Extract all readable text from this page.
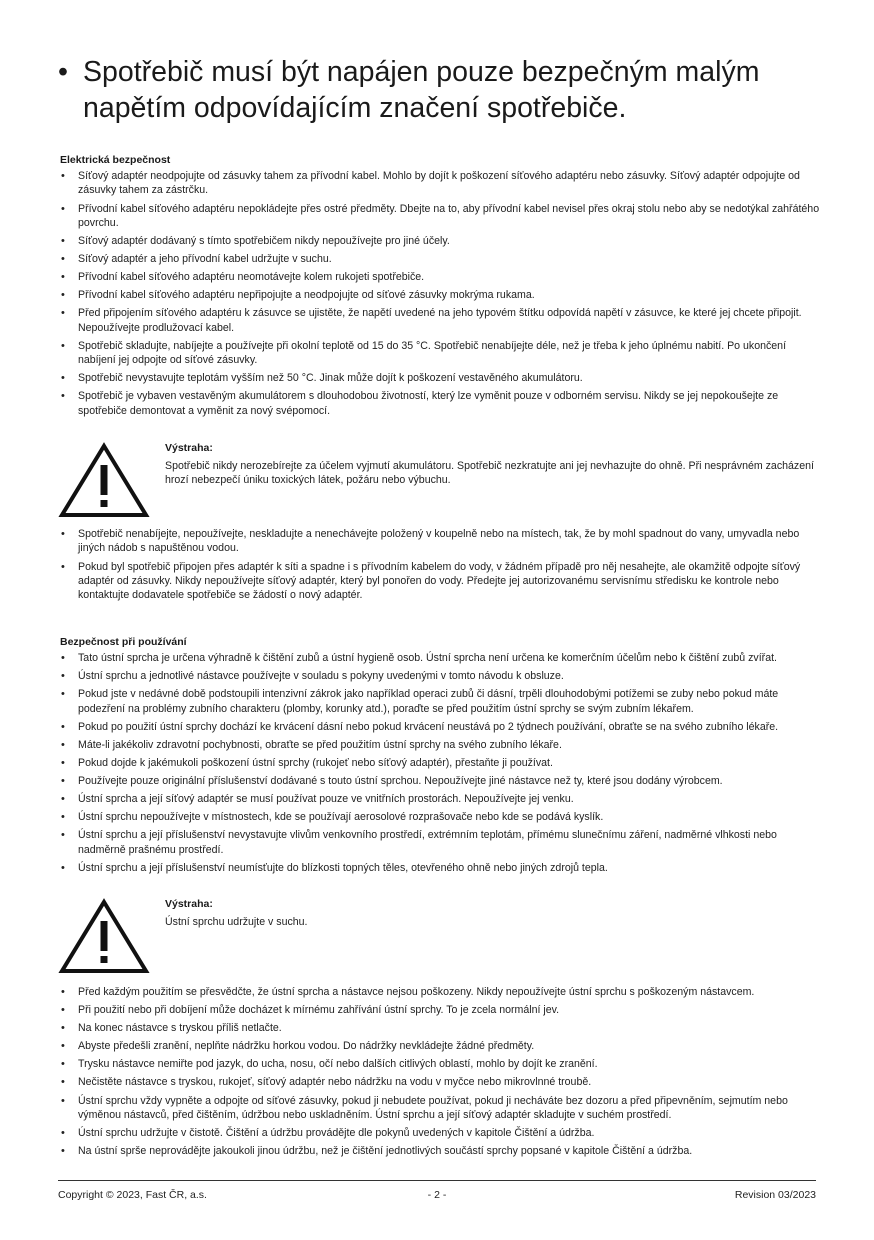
• Spotřebič musí být napájen pouze bezpečným malým napětím odpovídajícím značení spotřebiče.
Elektrická bezpečnost
• Síťový adaptér neodpojujte od zásuvky tahem za přívodní kabel. Mohlo by dojít k poškození síťového adaptéru nebo zásuvky. Síťový adaptér odpojujte od zásuvky tahem za zástrčku.
• Přívodní kabel síťového adaptéru nepokládejte přes ostré předměty. Dbejte na to, aby přívodní kabel nevisel přes okraj stolu nebo aby se nedotýkal zahřátého povrchu.
• Síťový adaptér dodávaný s tímto spotřebičem nikdy nepoužívejte pro jiné účely.
• Síťový adaptér a jeho přívodní kabel udržujte v suchu.
• Přívodní kabel síťového adaptéru neomotávejte kolem rukojeti spotřebiče.
• Přívodní kabel síťového adaptéru nepřipojujte a neodpojujte od síťové zásuvky mokrýma rukama.
• Před připojením síťového adaptéru k zásuvce se ujistěte, že napětí uvedené na jeho typovém štítku odpovídá napětí v zásuvce, ke které jej chcete připojit. Nepoužívejte prodlužovací kabel.
• Spotřebič skladujte, nabíjejte a používejte při okolní teplotě od 15 do 35 °C. Spotřebič nenabíjejte déle, než je třeba k jeho úplnému nabití. Po ukončení nabíjení jej odpojte od síťové zásuvky.
• Spotřebič nevystavujte teplotám vyšším než 50 °C. Jinak může dojít k poškození vestavěného akumulátoru.
• Spotřebič je vybaven vestavěným akumulátorem s dlouhodobou životností, který lze vyměnit pouze v odborném servisu. Nikdy se jej nepokoušejte ze spotřebiče demontovat a vyměnit za nový svépomocí.
Výstraha:
Spotřebič nikdy nerozebírejte za účelem vyjmutí akumulátoru. Spotřebič nezkratujte ani jej nevhazujte do ohně. Při nesprávném zacházení hrozí nebezpečí úniku toxických látek, požáru nebo výbuchu.
• Spotřebič nenabíjejte, nepoužívejte, neskladujte a nenechávejte položený v koupelně nebo na místech, tak, že by mohl spadnout do vany, umyvadla nebo jiných nádob s napuštěnou vodou.
• Pokud byl spotřebič připojen přes adaptér k síti a spadne i s přívodním kabelem do vody, v žádném případě pro něj nesahejte, ale okamžitě odpojte síťový adaptér od zásuvky. Nikdy nepoužívejte síťový adaptér, který byl ponořen do vody. Předejte jej autorizovanému servisnímu středisku ke kontrole nebo kontaktujte dodavatele spotřebiče se žádostí o nový adaptér.
Bezpečnost při používání
• Tato ústní sprcha je určena výhradně k čištění zubů a ústní hygieně osob. Ústní sprcha není určena ke komerčním účelům nebo k čištění zubů zvířat.
• Ústní sprchu a jednotlivé nástavce používejte v souladu s pokyny uvedenými v tomto návodu k obsluze.
• Pokud jste v nedávné době podstoupili intenzivní zákrok jako například operaci zubů či dásní, trpěli dlouhodobými potížemi se zuby nebo pokud máte podezření na problémy zubního charakteru (plomby, korunky atd.), poraďte se před použitím ústní sprchy se svým zubním lékařem.
• Pokud po použití ústní sprchy dochází ke krvácení dásní nebo pokud krvácení neustává po 2 týdnech používání, obraťte se na svého zubního lékaře.
• Máte-li jakékoliv zdravotní pochybnosti, obraťte se před použitím ústní sprchy na svého zubního lékaře.
• Pokud dojde k jakémukoli poškození ústní sprchy (rukojeť nebo síťový adaptér), přestaňte ji používat.
• Používejte pouze originální příslušenství dodávané s touto ústní sprchou. Nepoužívejte jiné nástavce než ty, které jsou dodány výrobcem.
• Ústní sprcha a její síťový adaptér se musí používat pouze ve vnitřních prostorách. Nepoužívejte jej venku.
• Ústní sprchu nepoužívejte v místnostech, kde se používají aerosolové rozprašovače nebo kde se podává kyslík.
• Ústní sprchu a její příslušenství nevystavujte vlivům venkovního prostředí, extrémním teplotám, přímému slunečnímu záření, nadměrné vlhkosti nebo nadměrně prašnému prostředí.
• Ústní sprchu a její příslušenství neumísťujte do blízkosti topných těles, otevřeného ohně nebo jiných zdrojů tepla.
Výstraha:
Ústní sprchu udržujte v suchu.
• Před každým použitím se přesvědčte, že ústní sprcha a nástavce nejsou poškozeny. Nikdy nepoužívejte ústní sprchu s poškozeným nástavcem.
• Při použití nebo při dobíjení může docházet k mírnému zahřívání ústní sprchy. To je zcela normální jev.
• Na konec nástavce s tryskou příliš netlačte.
• Abyste předešli zranění, neplňte nádržku horkou vodou. Do nádržky nevkládejte žádné předměty.
• Trysku nástavce nemiřte pod jazyk, do ucha, nosu, očí nebo dalších citlivých oblastí, mohlo by dojít ke zranění.
• Nečistěte nástavce s tryskou, rukojeť, síťový adaptér nebo nádržku na vodu v myčce nebo mikrovlnné troubě.
• Ústní sprchu vždy vypněte a odpojte od síťové zásuvky, pokud ji nebudete používat, pokud ji necháváte bez dozoru a před připevněním, sejmutím nebo výměnou nástavců, před čištěním, údržbou nebo uskladněním. Ústní sprchu a její síťový adaptér skladujte v suchém prostředí.
• Ústní sprchu udržujte v čistotě. Čištění a údržbu provádějte dle pokynů uvedených v kapitole Čištění a údržba.
• Na ústní sprše neprovádějte jakoukoli jinou údržbu, než je čištění jednotlivých součástí sprchy popsané v kapitole Čištění a údržba.
Copyright © 2023, Fast ČR, a.s.	- 2 -	Revision 03/2023
